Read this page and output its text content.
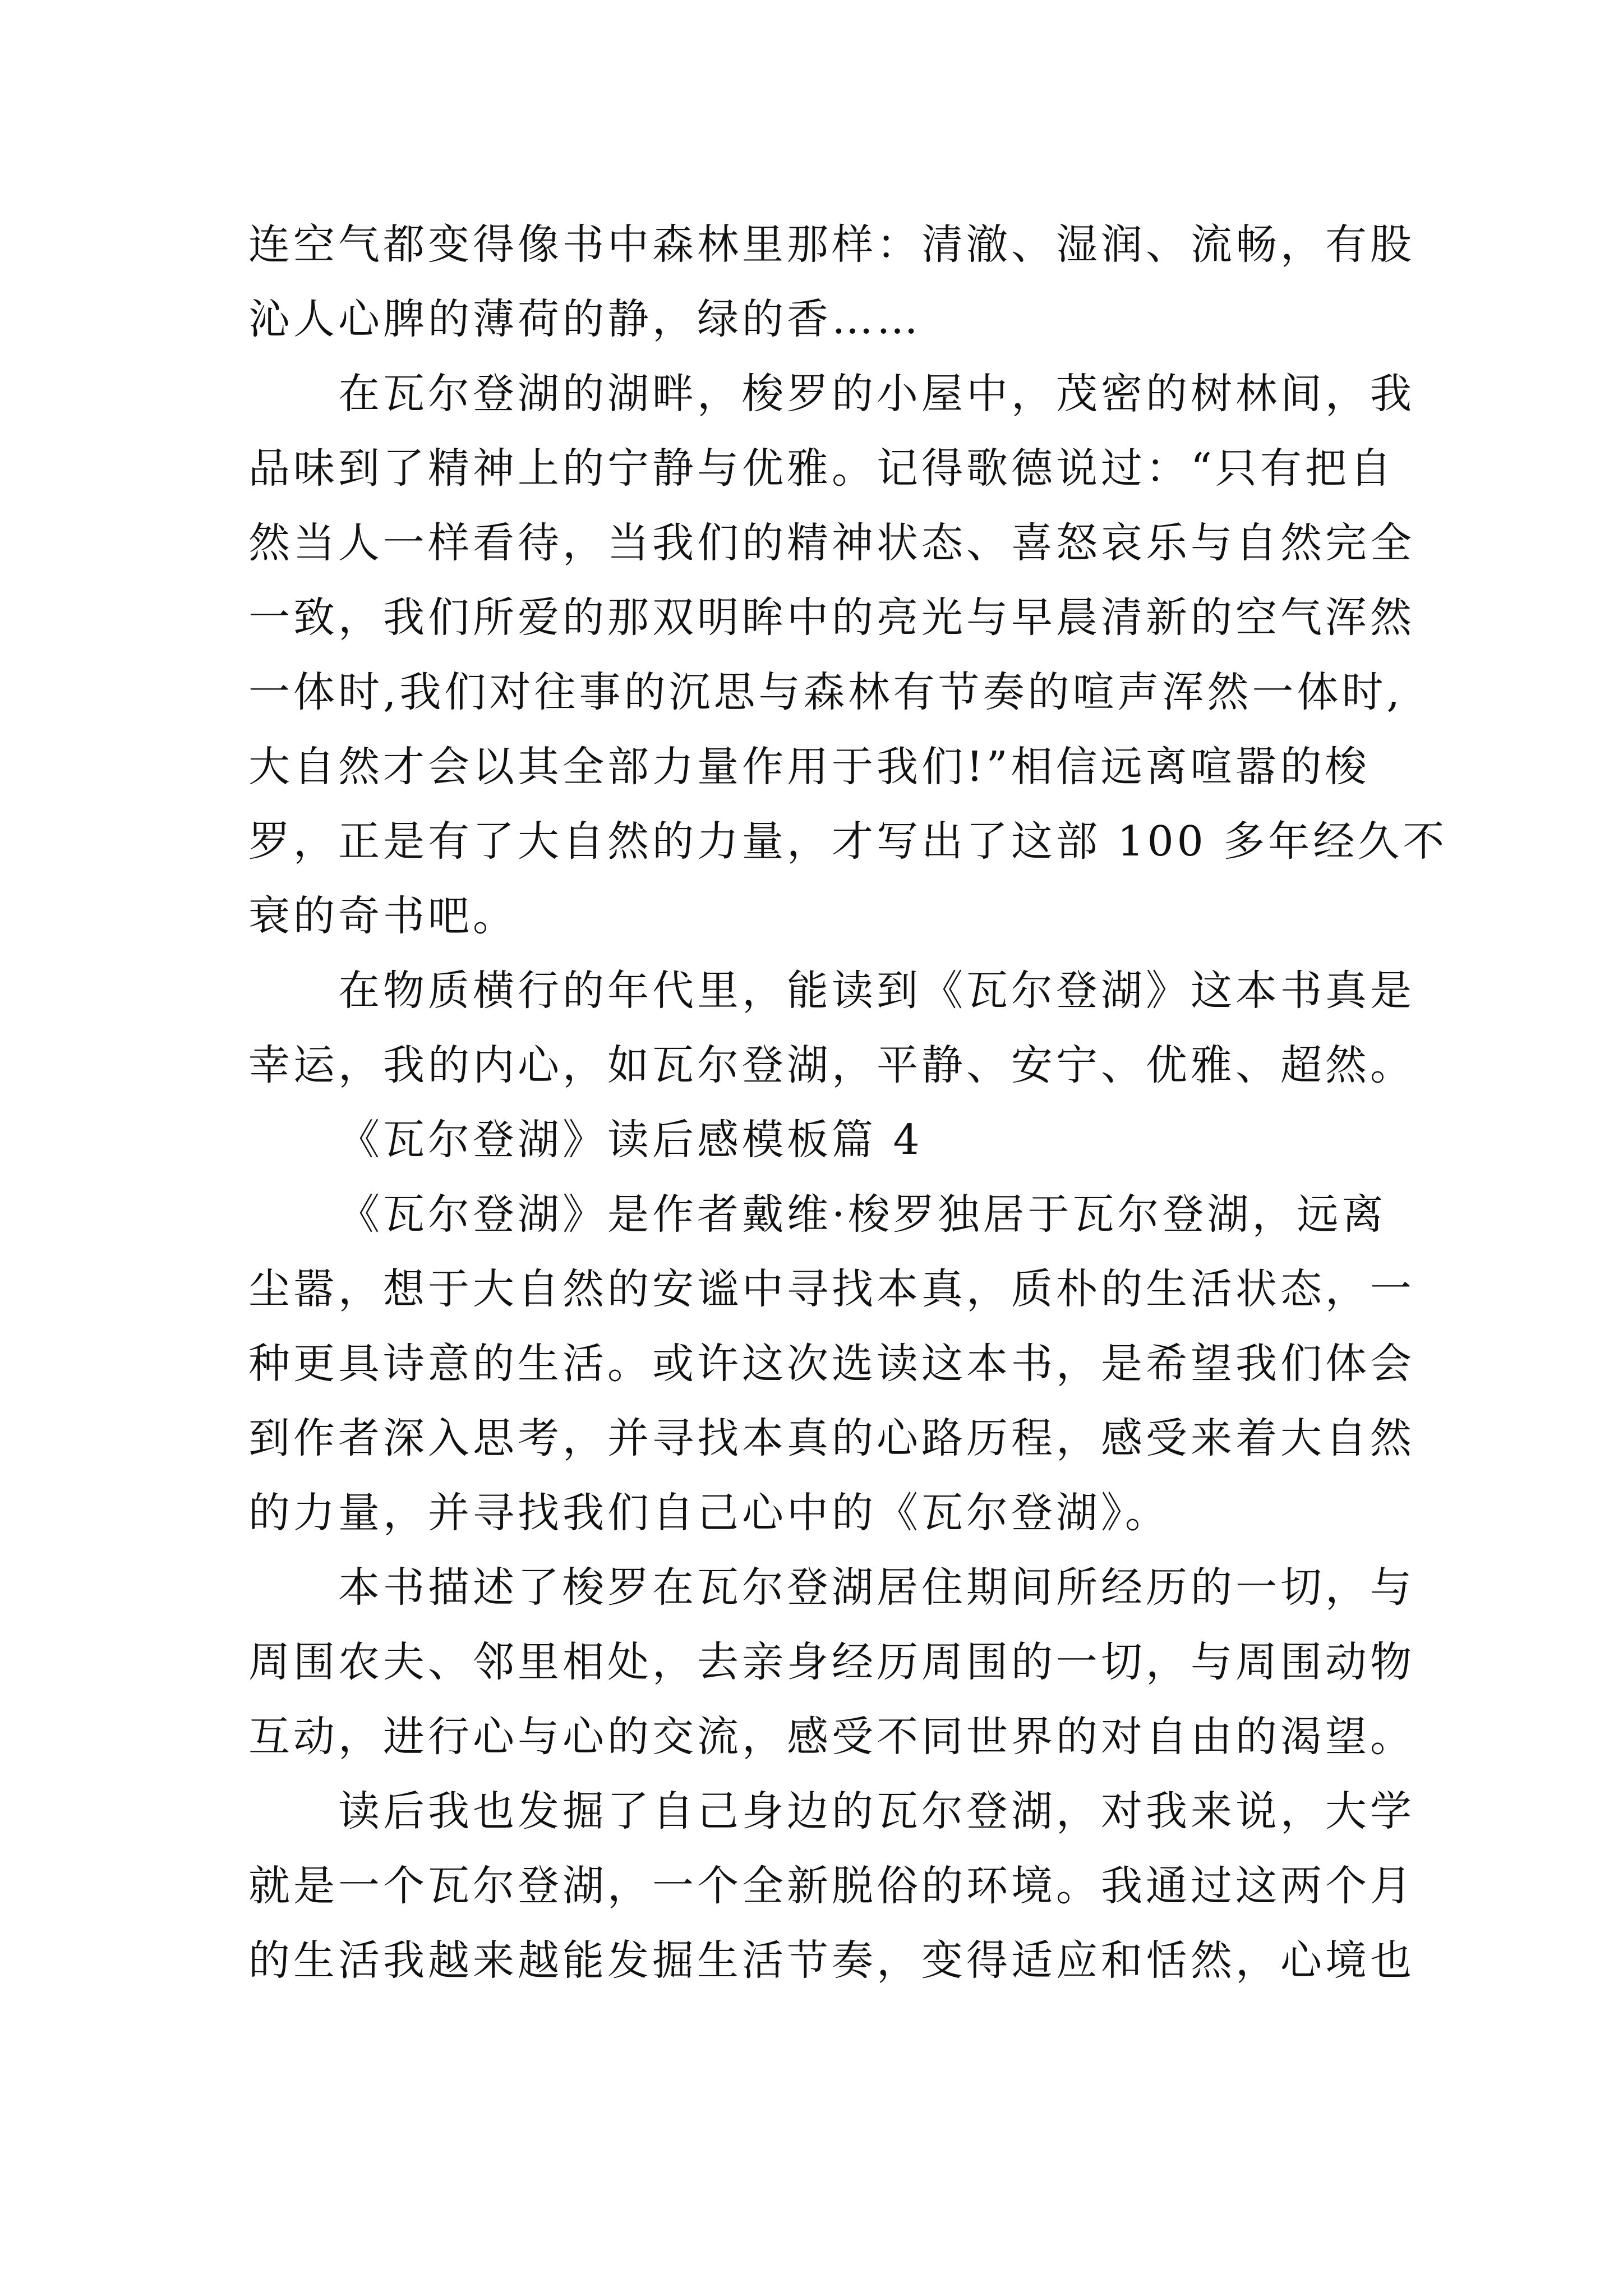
连空气都变得像书中森林里那样：清澈、湿润、流畅，有股
沁人心脾的薄荷的静，绿的香……

在瓦尔登湖的湖畔，梭罗的小屋中，茂密的树林间，我
品味到了精神上的宁静与优雅。记得歌德说过：“只有把自
然当人一样看待，当我们的精神状态、喜怒哀乐与自然完全
一致，我们所爱的那双明眸中的亮光与早晨清新的空气浑然
一体时,我们对往事的沉思与森林有节奏的喧声浑然一体时,
大自然才会以其全部力量作用于我们!”相信远离喧嚣的梭
罗，正是有了大自然的力量，才写出了这部 100 多年经久不
衰的奇书吧。

在物质横行的年代里，能读到《瓦尔登湖》这本书真是
幸运，我的内心，如瓦尔登湖，平静、安宁、优雅、超然。

《瓦尔登湖》读后感模板篇 4

《瓦尔登湖》是作者戴维·梭罗独居于瓦尔登湖，远离
尘嚣，想于大自然的安谧中寻找本真，质朴的生活状态，一
种更具诗意的生活。或许这次选读这本书，是希望我们体会
到作者深入思考，并寻找本真的心路历程，感受来着大自然
的力量，并寻找我们自己心中的《瓦尔登湖》。

本书描述了梭罗在瓦尔登湖居住期间所经历的一切，与
周围农夫、邻里相处，去亲身经历周围的一切，与周围动物
互动，进行心与心的交流，感受不同世界的对自由的渴望。

读后我也发掘了自己身边的瓦尔登湖，对我来说，大学
就是一个瓦尔登湖，一个全新脱俗的环境。我通过这两个月
的生活我越来越能发掘生活节奏，变得适应和恬然，心境也
